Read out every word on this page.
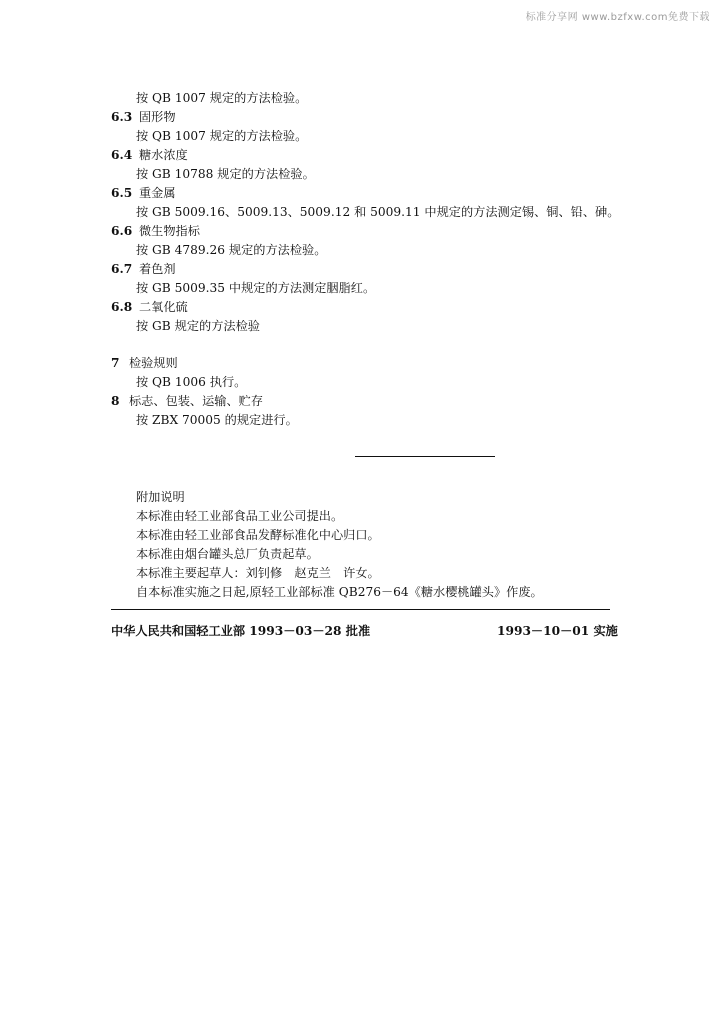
标准分享网 www.bzfxw.com免费下载
按 QB 1007 规定的方法检验。
6.3 固形物
按 QB 1007 规定的方法检验。
6.4 糖水浓度
按 GB 10788 规定的方法检验。
6.5 重金属
按 GB 5009.16、5009.13、5009.12 和 5009.11 中规定的方法测定锡、铜、铅、砷。
6.6 微生物指标
按 GB 4789.26 规定的方法检验。
6.7 着色剂
按 GB 5009.35 中规定的方法测定胭脂红。
6.8 二氧化硫
按 GB 规定的方法检验
7 检验规则
按 QB 1006 执行。
8 标志、包装、运输、贮存
按 ZBX 70005 的规定进行。
附加说明
本标准由轻工业部食品工业公司提出。
本标准由轻工业部食品发酵标准化中心归口。
本标准由烟台罐头总厂负责起草。
本标准主要起草人：刘钊修　赵克兰　许女。
自本标准实施之日起,原轻工业部标准 QB276－64《糖水樱桃罐头》作废。
中华人民共和国轻工业部 1993－03－28 批准	1993－10－01 实施
